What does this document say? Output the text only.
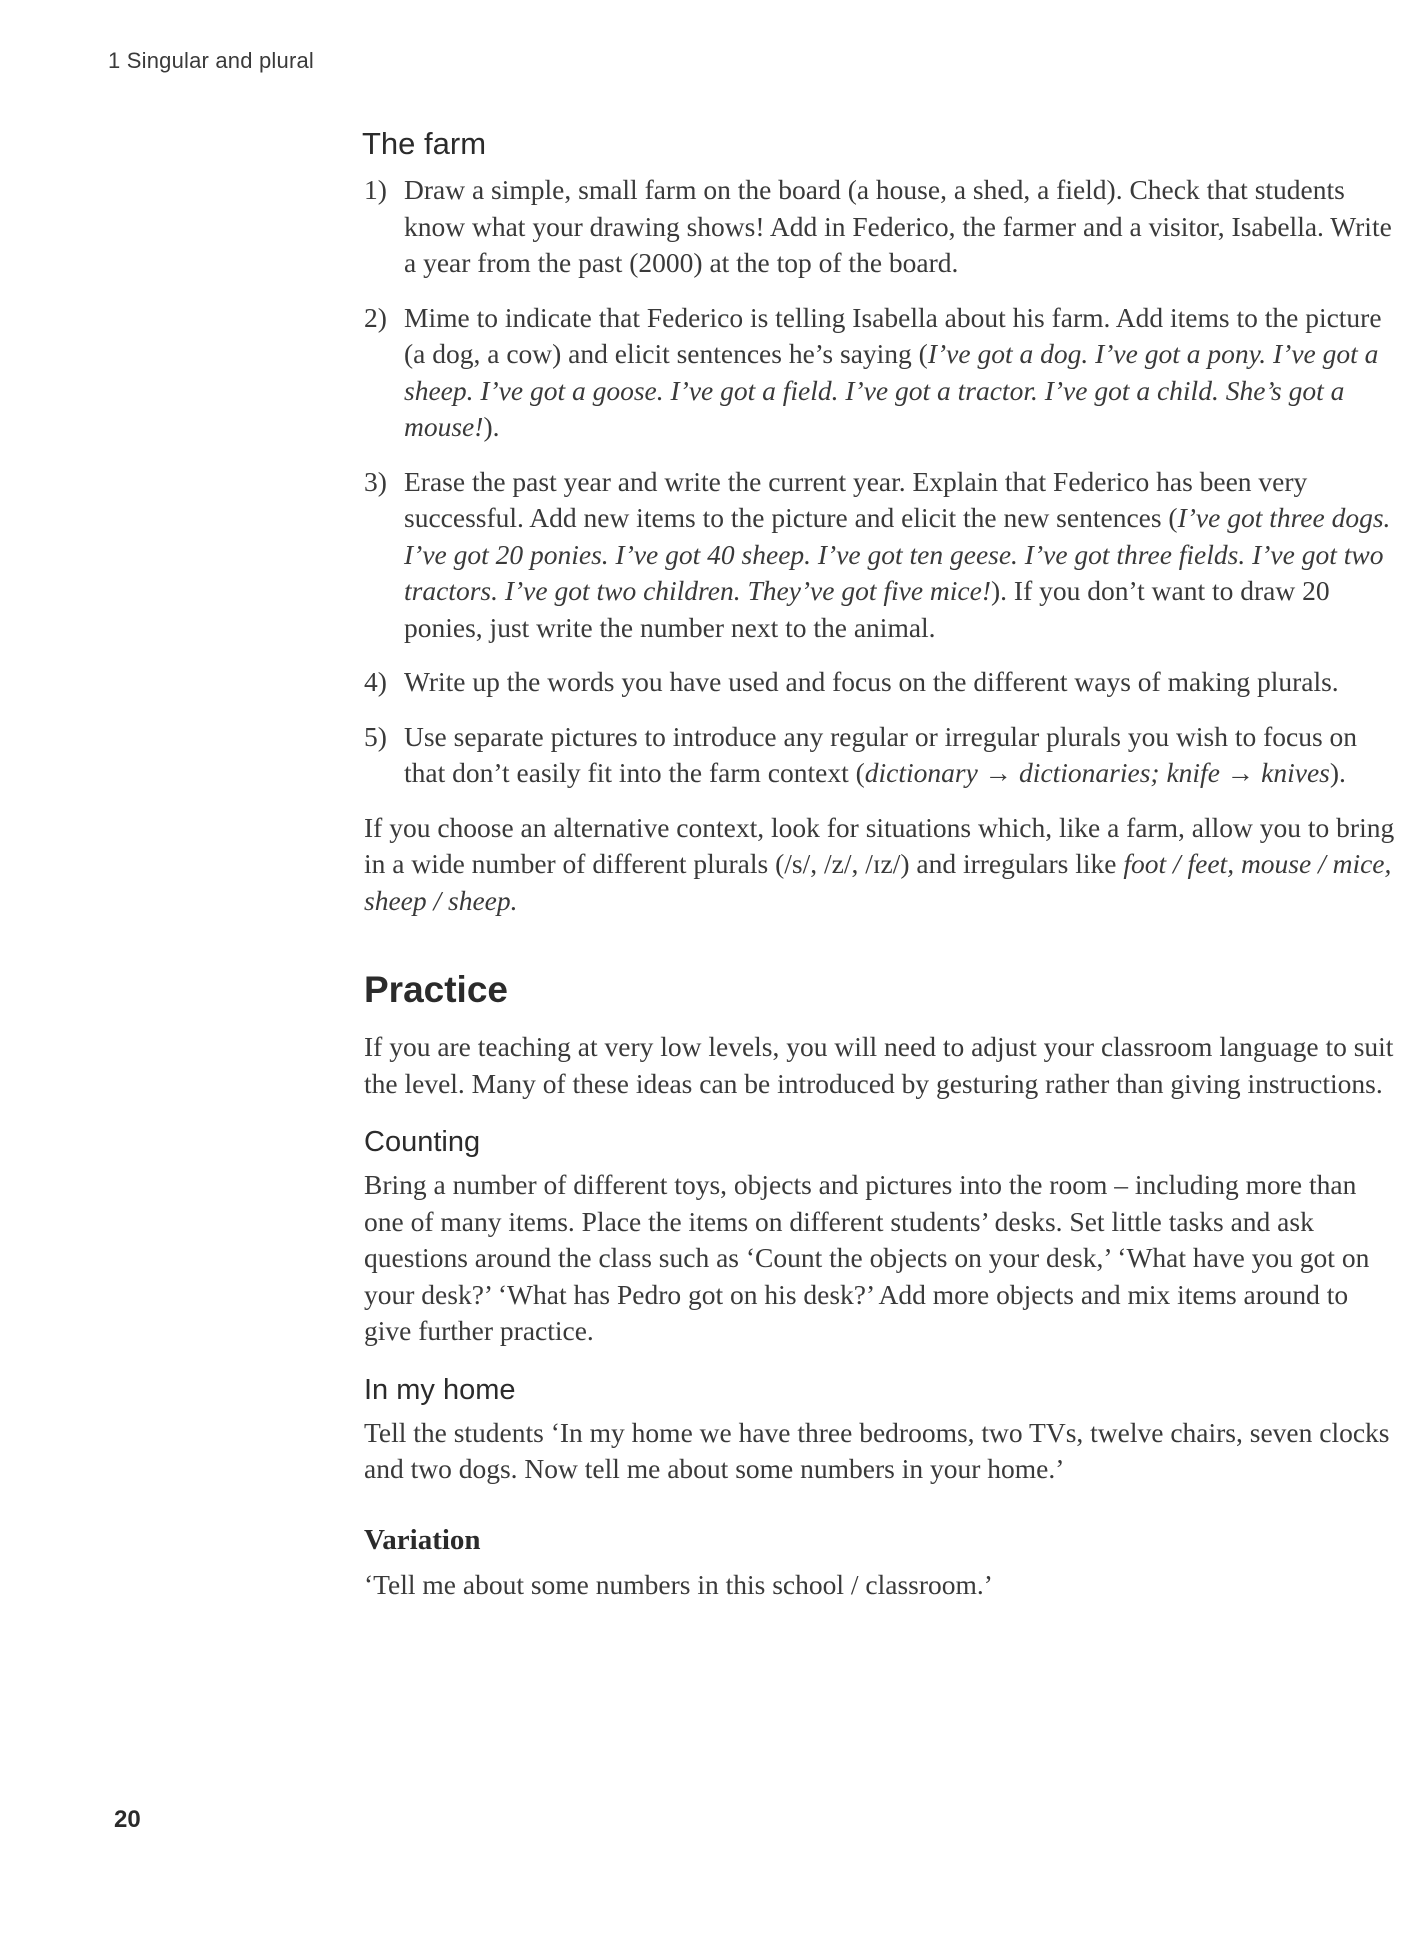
1 Singular and plural
The farm
1) Draw a simple, small farm on the board (a house, a shed, a field). Check that students know what your drawing shows! Add in Federico, the farmer and a visitor, Isabella. Write a year from the past (2000) at the top of the board.
2) Mime to indicate that Federico is telling Isabella about his farm. Add items to the picture (a dog, a cow) and elicit sentences he’s saying (I’ve got a dog. I’ve got a pony. I’ve got a sheep. I’ve got a goose. I’ve got a field. I’ve got a tractor. I’ve got a child. She’s got a mouse!).
3) Erase the past year and write the current year. Explain that Federico has been very successful. Add new items to the picture and elicit the new sentences (I’ve got three dogs. I’ve got 20 ponies. I’ve got 40 sheep. I’ve got ten geese. I’ve got three fields. I’ve got two tractors. I’ve got two children. They’ve got five mice!). If you don’t want to draw 20 ponies, just write the number next to the animal.
4) Write up the words you have used and focus on the different ways of making plurals.
5) Use separate pictures to introduce any regular or irregular plurals you wish to focus on that don’t easily fit into the farm context (dictionary → dictionaries; knife → knives).

If you choose an alternative context, look for situations which, like a farm, allow you to bring in a wide number of different plurals (/s/, /z/, /ɪz/) and irregulars like foot / feet, mouse / mice, sheep / sheep.

Practice

If you are teaching at very low levels, you will need to adjust your classroom language to suit the level. Many of these ideas can be introduced by gesturing rather than giving instructions.

Counting

Bring a number of different toys, objects and pictures into the room – including more than one of many items. Place the items on different students’ desks. Set little tasks and ask questions around the class such as ‘Count the objects on your desk,’ ‘What have you got on your desk?’ ‘What has Pedro got on his desk?’ Add more objects and mix items around to give further practice.

In my home

Tell the students ‘In my home we have three bedrooms, two TVs, twelve chairs, seven clocks and two dogs. Now tell me about some numbers in your home.’

Variation

‘Tell me about some numbers in this school / classroom.’

20
